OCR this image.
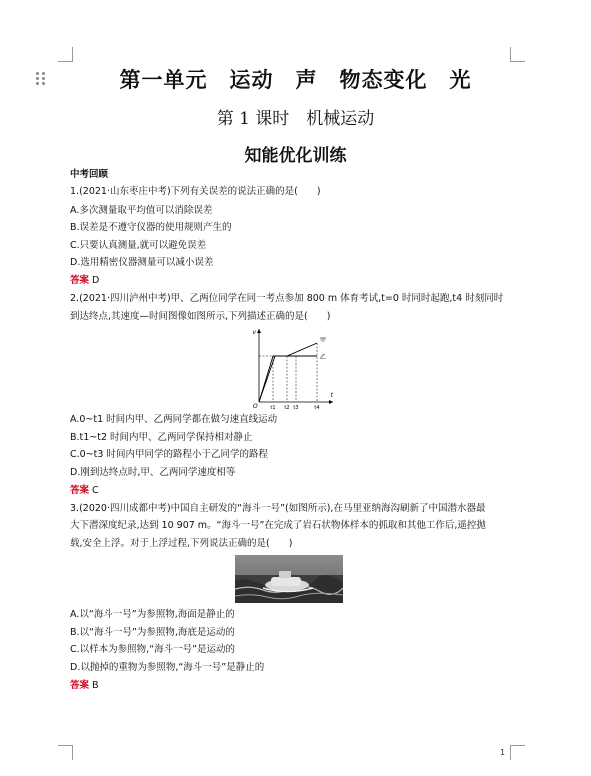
第一单元　运动　声　物态变化　光
第 1 课时　机械运动
知能优化训练
中考回顾
1.(2021·山东枣庄中考)下列有关误差的说法正确的是(　　)
A.多次测量取平均值可以消除误差
B.误差是不遵守仪器的使用规则产生的
C.只要认真测量,就可以避免误差
D.选用精密仪器测量可以减小误差
答案 D
2.(2021·四川泸州中考)甲、乙两位同学在同一考点参加 800 m 体育考试,t=0 时同时起跑,t4 时刻同时
到达终点,其速度—时间图像如图所示,下列描述正确的是(　　)
v
t
O
甲
乙
t1 t2 t3	t4
A.0~t1 时间内甲、乙两同学都在做匀速直线运动
B.t1~t2 时间内甲、乙两同学保持相对静止
C.0~t3 时间内甲同学的路程小于乙同学的路程
D.刚到达终点时,甲、乙两同学速度相等
答案 C
3.(2020·四川成都中考)中国自主研发的“海斗一号”(如图所示),在马里亚纳海沟刷新了中国潜水器最
大下潜深度纪录,达到 10 907 m。“海斗一号”在完成了岩石状物体样本的抓取和其他工作后,遥控抛
载,安全上浮。对于上浮过程,下列说法正确的是(　　)
A.以“海斗一号”为参照物,海面是静止的
B.以“海斗一号”为参照物,海底是运动的
C.以样本为参照物,“海斗一号”是运动的
D.以抛掉的重物为参照物,“海斗一号”是静止的
答案 B
1
